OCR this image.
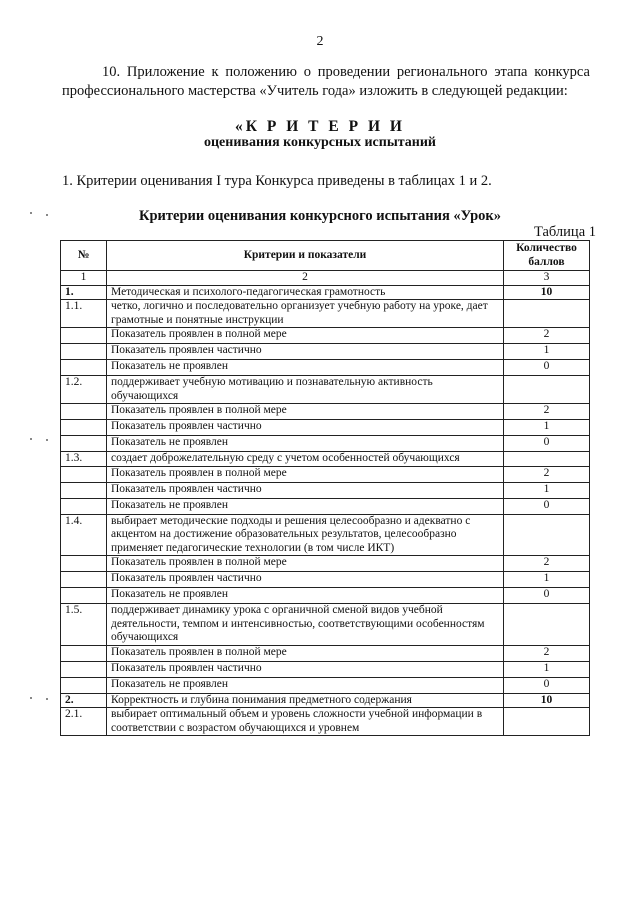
2
10. Приложение к положению о проведении регионального этапа конкурса профессионального мастерства «Учитель года» изложить в следующей редакции:
«К Р И Т Е Р И И
оценивания конкурсных испытаний
1. Критерии оценивания I тура Конкурса приведены в таблицах 1 и 2.
Критерии оценивания конкурсного испытания «Урок»
Таблица 1
№	Критерии и показатели	Количество баллов
1	2	3
1.	Методическая и психолого-педагогическая грамотность	10
1.1.	четко, логично и последовательно организует учебную работу на уроке, дает грамотные и понятные инструкции	
	Показатель проявлен в полной мере	2
	Показатель проявлен частично	1
	Показатель не проявлен	0
1.2.	поддерживает учебную мотивацию и познавательную активность обучающихся	
	Показатель проявлен в полной мере	2
	Показатель проявлен частично	1
	Показатель не проявлен	0
1.3.	создает доброжелательную среду с учетом особенностей обучающихся	
	Показатель проявлен в полной мере	2
	Показатель проявлен частично	1
	Показатель не проявлен	0
1.4.	выбирает методические подходы и решения целесообразно и адекватно с акцентом на достижение образовательных результатов, целесообразно применяет педагогические технологии (в том числе ИКТ)	
	Показатель проявлен в полной мере	2
	Показатель проявлен частично	1
	Показатель не проявлен	0
1.5.	поддерживает динамику урока с органичной сменой видов учебной деятельности, темпом и интенсивностью, соответствующими особенностям обучающихся	
	Показатель проявлен в полной мере	2
	Показатель проявлен частично	1
	Показатель не проявлен	0
2.	Корректность и глубина понимания предметного содержания	10
2.1.	выбирает оптимальный объем и уровень сложности учебной информации в соответствии с возрастом обучающихся и уровнем	
